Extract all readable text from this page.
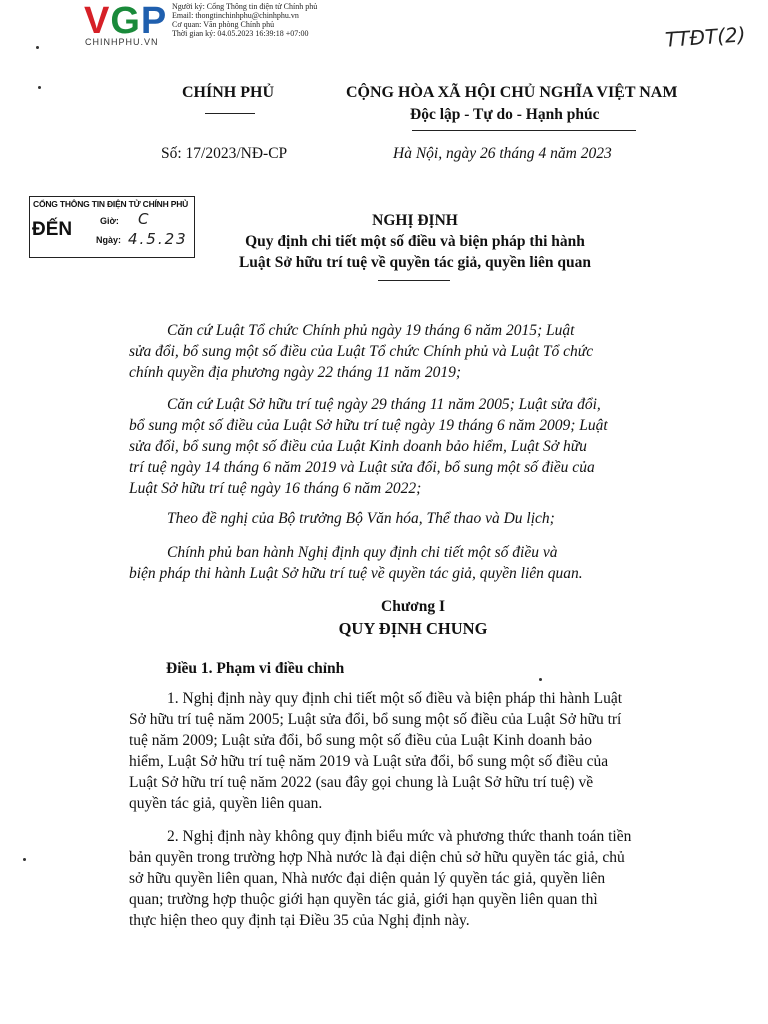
V G P
CHINHPHU.VN
Người ký: Cổng Thông tin điện tử Chính phủ
Email: thongtinchinhphu@chinhphu.vn
Cơ quan: Văn phòng Chính phủ
Thời gian ký: 04.05.2023 16:39:18 +07:00	TTĐT(2)
CHÍNH PHỦ	CỘNG HÒA XÃ HỘI CHỦ NGHĨA VIỆT NAM
Độc lập - Tự do - Hạnh phúc
Số: 17/2023/NĐ-CP	Hà Nội, ngày 26 tháng 4 năm 2023
CỔNG THÔNG TIN ĐIỆN TỬ CHÍNH PHỦ
ĐẾN	Giờ: C
Ngày: 4.5.23
NGHỊ ĐỊNH
Quy định chi tiết một số điều và biện pháp thi hành
Luật Sở hữu trí tuệ về quyền tác giả, quyền liên quan
Căn cứ Luật Tổ chức Chính phủ ngày 19 tháng 6 năm 2015; Luật
sửa đổi, bổ sung một số điều của Luật Tổ chức Chính phủ và Luật Tổ chức
chính quyền địa phương ngày 22 tháng 11 năm 2019;
Căn cứ Luật Sở hữu trí tuệ ngày 29 tháng 11 năm 2005; Luật sửa đổi,
bổ sung một số điều của Luật Sở hữu trí tuệ ngày 19 tháng 6 năm 2009; Luật
sửa đổi, bổ sung một số điều của Luật Kinh doanh bảo hiểm, Luật Sở hữu
trí tuệ ngày 14 tháng 6 năm 2019 và Luật sửa đổi, bổ sung một số điều của
Luật Sở hữu trí tuệ ngày 16 tháng 6 năm 2022;
Theo đề nghị của Bộ trưởng Bộ Văn hóa, Thể thao và Du lịch;
Chính phủ ban hành Nghị định quy định chi tiết một số điều và
biện pháp thi hành Luật Sở hữu trí tuệ về quyền tác giả, quyền liên quan.
Chương I
QUY ĐỊNH CHUNG
Điều 1. Phạm vi điều chỉnh
1. Nghị định này quy định chi tiết một số điều và biện pháp thi hành Luật
Sở hữu trí tuệ năm 2005; Luật sửa đổi, bổ sung một số điều của Luật Sở hữu trí
tuệ năm 2009; Luật sửa đổi, bổ sung một số điều của Luật Kinh doanh bảo
hiểm, Luật Sở hữu trí tuệ năm 2019 và Luật sửa đổi, bổ sung một số điều của
Luật Sở hữu trí tuệ năm 2022 (sau đây gọi chung là Luật Sở hữu trí tuệ) về
quyền tác giả, quyền liên quan.
2. Nghị định này không quy định biểu mức và phương thức thanh toán tiền
bản quyền trong trường hợp Nhà nước là đại diện chủ sở hữu quyền tác giả, chủ
sở hữu quyền liên quan, Nhà nước đại diện quản lý quyền tác giả, quyền liên
quan; trường hợp thuộc giới hạn quyền tác giả, giới hạn quyền liên quan thì
thực hiện theo quy định tại Điều 35 của Nghị định này.
